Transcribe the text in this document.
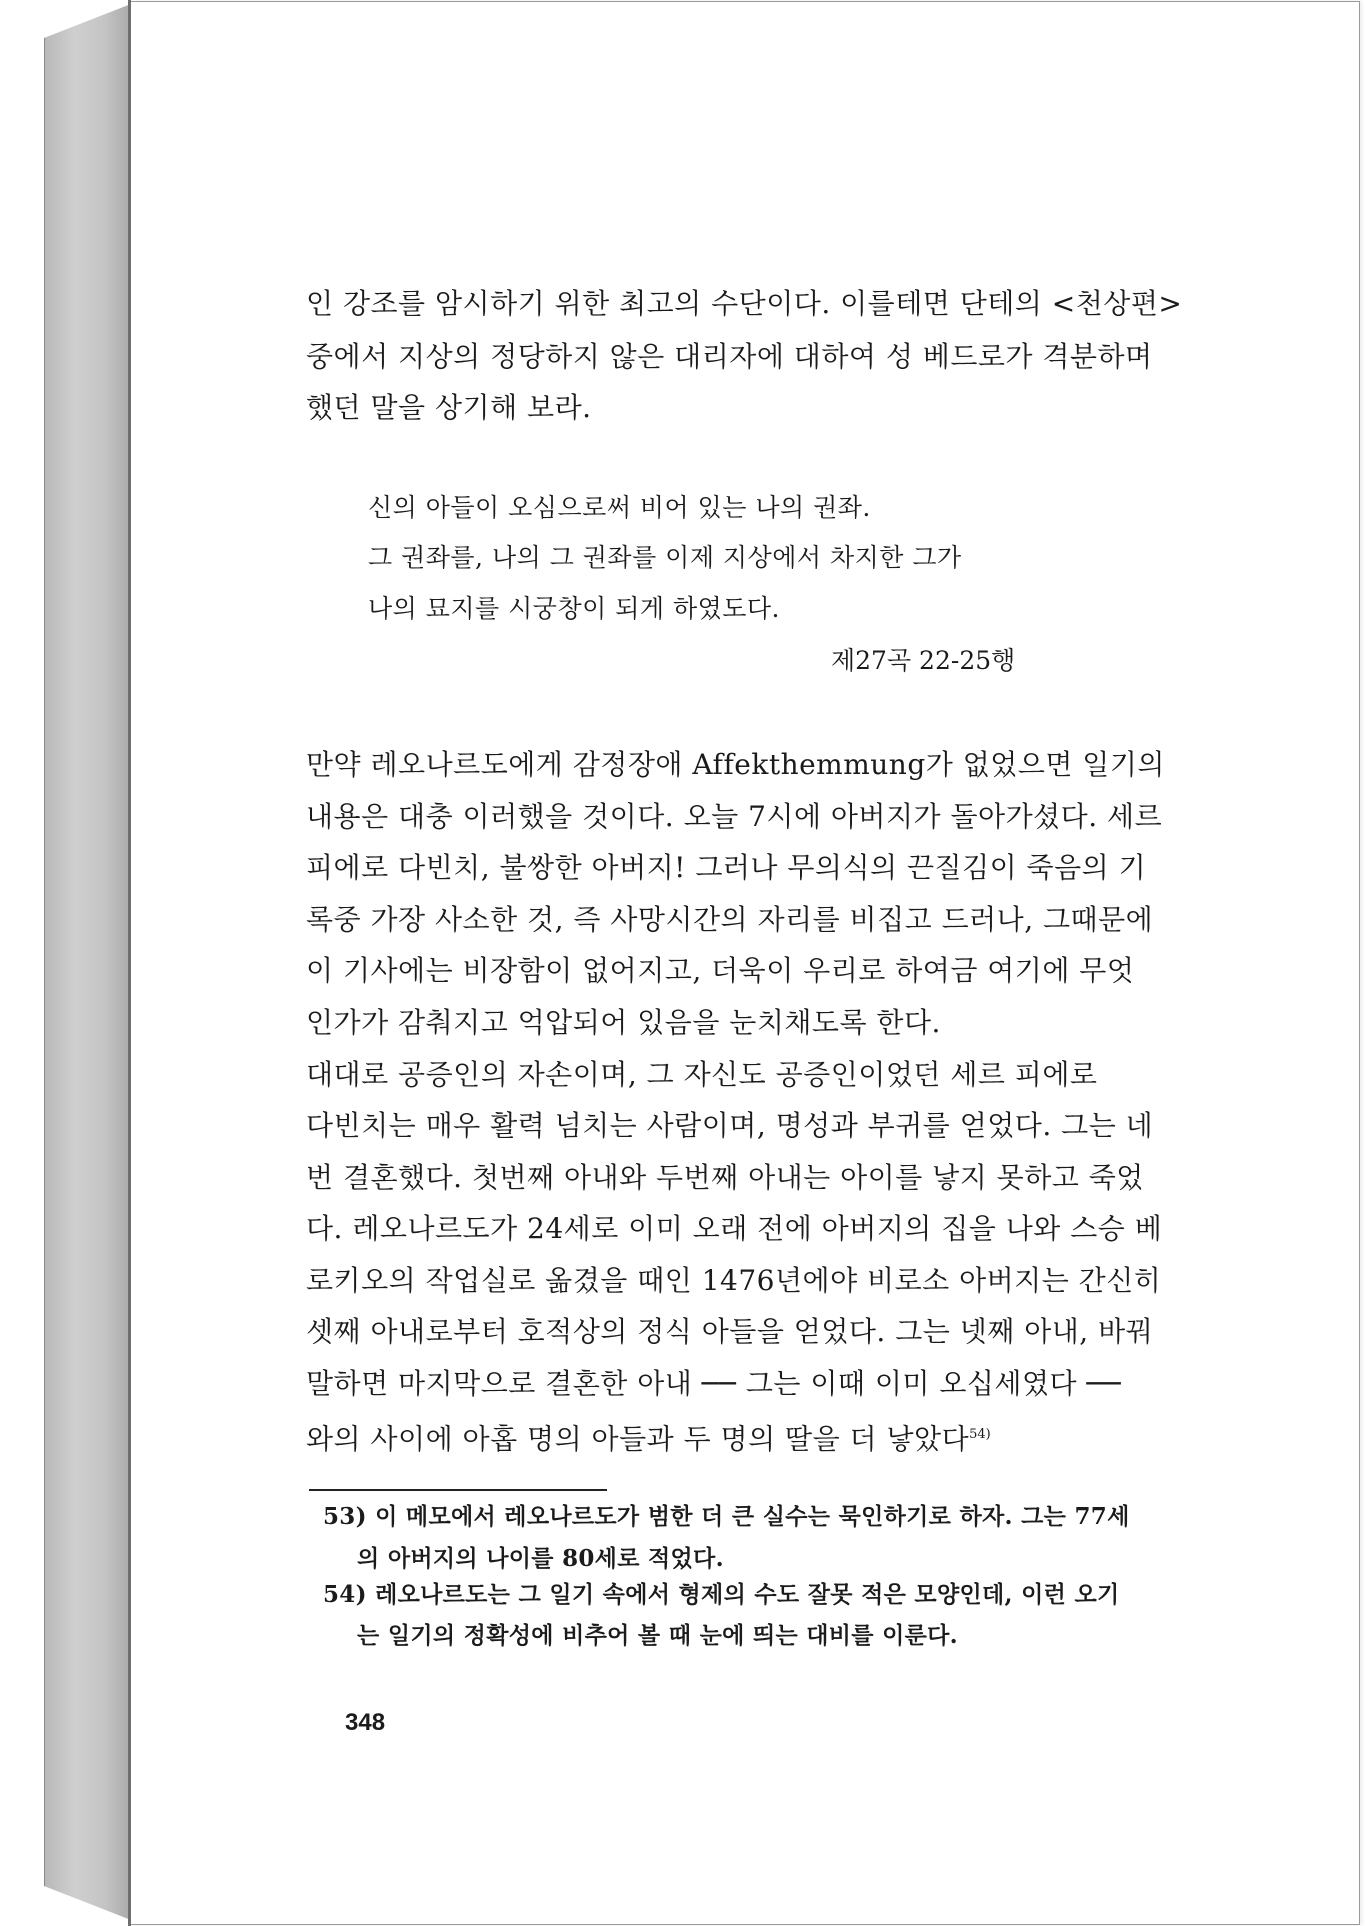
인 강조를 암시하기 위한 최고의 수단이다. 이를테면 단테의 <천상편>
중에서 지상의 정당하지 않은 대리자에 대하여 성 베드로가 격분하며
했던 말을 상기해 보라.
신의 아들이 오심으로써 비어 있는 나의 권좌.
그 권좌를, 나의 그 권좌를 이제 지상에서 차지한 그가
나의 묘지를 시궁창이 되게 하였도다.
제27곡 22-25행
만약 레오나르도에게 감정장애 Affekthemmung가 없었으면 일기의
내용은 대충 이러했을 것이다. 오늘 7시에 아버지가 돌아가셨다. 세르
피에로 다빈치, 불쌍한 아버지! 그러나 무의식의 끈질김이 죽음의 기
록중 가장 사소한 것, 즉 사망시간의 자리를 비집고 드러나, 그때문에
이 기사에는 비장함이 없어지고, 더욱이 우리로 하여금 여기에 무엇
인가가 감춰지고 억압되어 있음을 눈치채도록 한다.
대대로 공증인의 자손이며, 그 자신도 공증인이었던 세르 피에로
다빈치는 매우 활력 넘치는 사람이며, 명성과 부귀를 얻었다. 그는 네
번 결혼했다. 첫번째 아내와 두번째 아내는 아이를 낳지 못하고 죽었
다. 레오나르도가 24세로 이미 오래 전에 아버지의 집을 나와 스승 베
로키오의 작업실로 옮겼을 때인 1476년에야 비로소 아버지는 간신히
셋째 아내로부터 호적상의 정식 아들을 얻었다. 그는 넷째 아내, 바꿔
말하면 마지막으로 결혼한 아내 ── 그는 이때 이미 오십세였다 ──
와의 사이에 아홉 명의 아들과 두 명의 딸을 더 낳았다$^{54)}$
53) 이 메모에서 레오나르도가 범한 더 큰 실수는 묵인하기로 하자. 그는 77세
의 아버지의 나이를 80세로 적었다.
54) 레오나르도는 그 일기 속에서 형제의 수도 잘못 적은 모양인데, 이런 오기
는 일기의 정확성에 비추어 볼 때 눈에 띄는 대비를 이룬다.
348
